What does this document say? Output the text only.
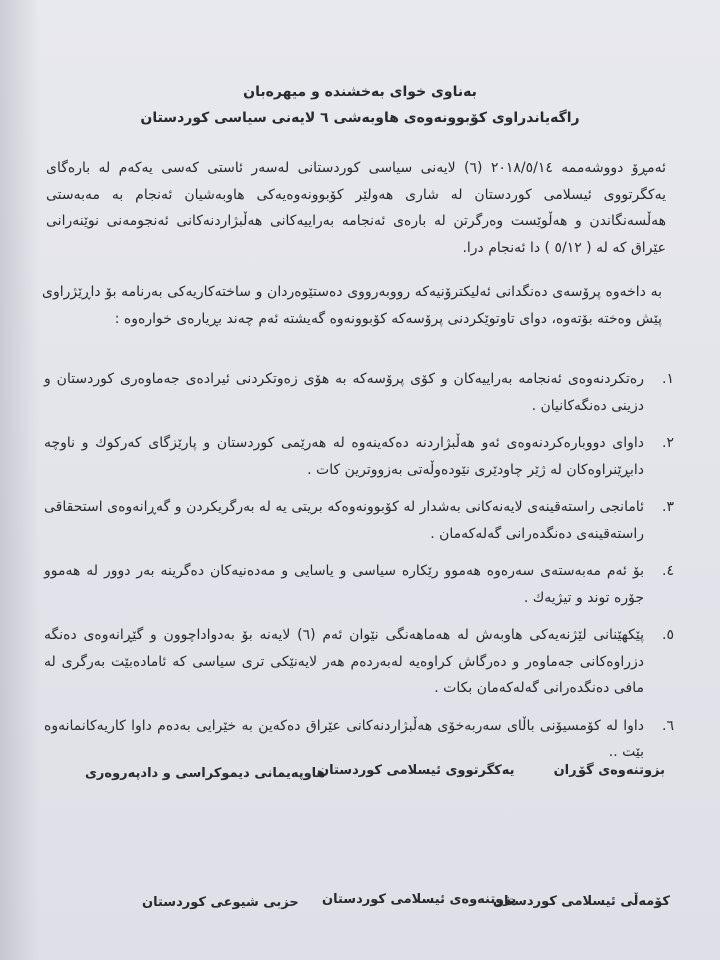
بەناوی خوای بەخشندە و میهرەبان
راگەیاندراوی کۆبوونەوەی هاوبەشی ٦ لایەنی سیاسی کوردستان

ئەمڕۆ دووشەممە ٢٠١٨/٥/١٤ (٦) لایەنی سیاسی کوردستانی لەسەر ئاستی کەسی یەکەم لە بارەگای یەکگرتووی ئیسلامی کوردستان لە شاری هەولێر کۆبوونەوەیەکی هاوبەشیان ئەنجام بە مەبەستی هەڵسەنگاندن و هەڵوێست وەرگرتن لە بارەی ئەنجامە بەراییەکانی هەڵبژاردنەکانی ئەنجومەنی نوێنەرانی عێراق کە لە ( ٥/١٢ ) دا ئەنجام درا.

بە داخەوە پرۆسەی دەنگدانی ئەلیکترۆنیەکە رووبەرووی دەستێوەردان و ساختەکاریەکی بەرنامە بۆ داڕێژراوی پێش وەختە بۆتەوە، دوای تاوتوێکردنی پرۆسەکە کۆبوونەوە گەیشتە ئەم چەند بڕیارەی خوارەوە :

١.
رەتکردنەوەی ئەنجامە بەراییەکان و کۆی پرۆسەکە بە هۆی زەوتکردنی ئیرادەی جەماوەری کوردستان و دزینی دەنگەکانیان .
٢.
داوای دووبارەکردنەوەی ئەو هەڵبژاردنە دەکەینەوە لە هەرێمی کوردستان و پارێزگای کەرکوك و ناوچە دابڕێنراوەکان لە ژێر چاودێری نێودەوڵەتی بەزووترین کات .
٣.
ئامانجی راستەقینەی لایەنەکانی بەشدار لە کۆبوونەوەکە بریتی یە لە بەرگریکردن و گەڕانەوەی استحقاقی راستەقینەی دەنگدەرانی گەلەکەمان .
٤.
بۆ ئەم مەبەستەی سەرەوە هەموو رێکارە سیاسی و یاسایی و مەدەنیەکان دەگرینە بەر دوور لە هەموو جۆرە توند و تیژیەك .
٥.
پێکهێنانی لێژنەیەکی هاوبەش لە هەماهەنگی نێوان ئەم (٦) لایەنە بۆ بەدواداچوون و گێڕانەوەی دەنگە دزراوەکانی جەماوەر و دەرگاش کراوەیە لەبەردەم هەر لایەنێکی تری سیاسی کە ئامادەبێت بەرگری لە مافی دەنگدەرانی گەلەکەمان بکات .
٦.
داوا لە کۆمسیۆنی باڵای سەربەخۆی هەڵبژاردنەکانی عێراق دەکەین بە خێرایی بەدەم داوا کاریەکانمانەوە بێت ..
بزوتنەوەی گۆڕان
یەکگرتووی ئیسلامی کوردستان
هاوپەیمانی دیموکراسی و دادپەروەری
کۆمەڵی ئیسلامی کوردستان
بزوتنەوەی ئیسلامی کوردستان
حزبی شیوعی کوردستان
